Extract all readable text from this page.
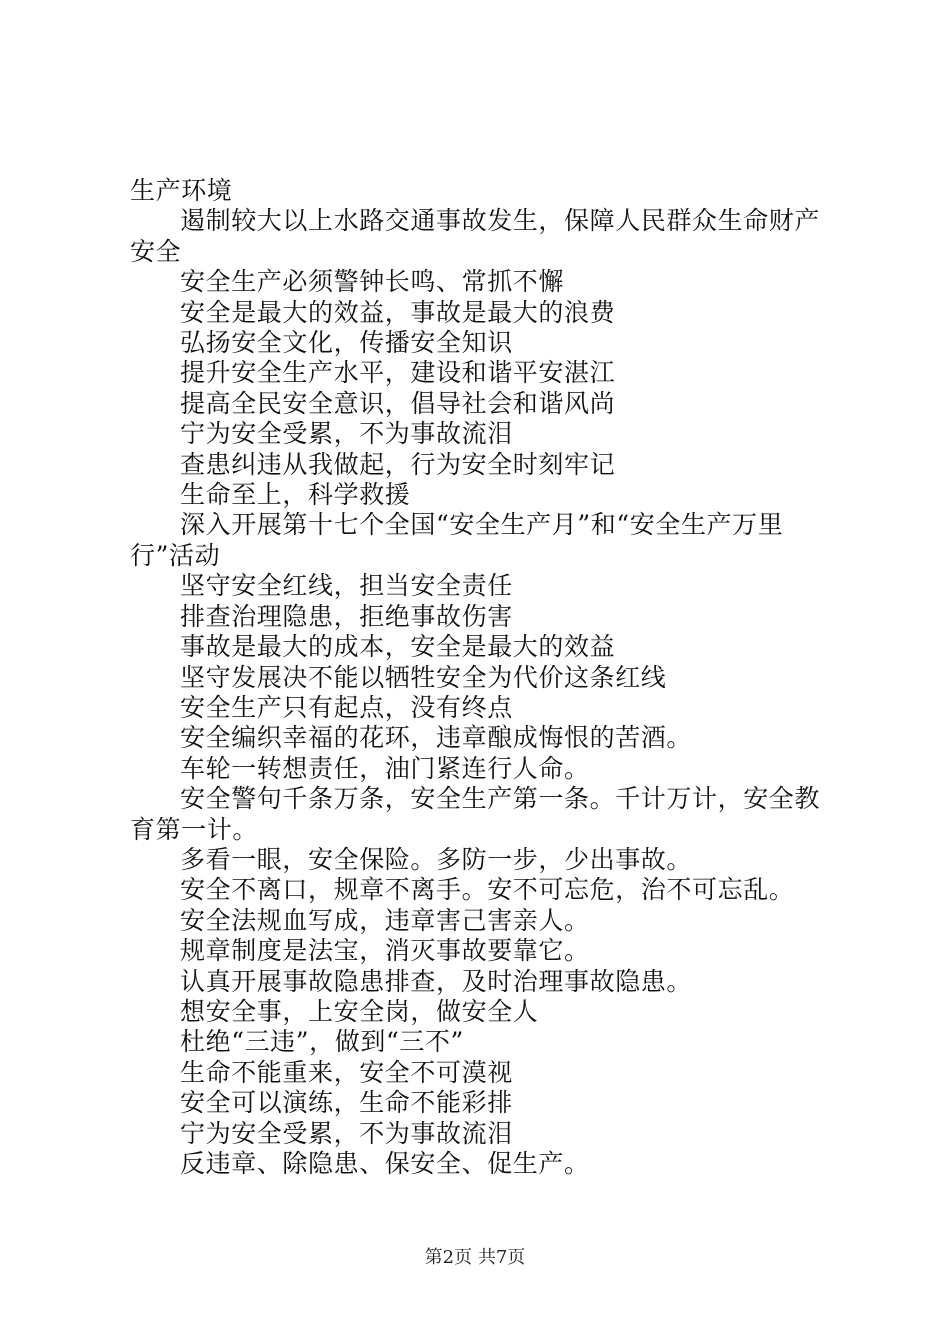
生产环境

遏制较大以上水路交通事故发生，保障人民群众生命财产安全

安全生产必须警钟长鸣、常抓不懈

安全是最大的效益，事故是最大的浪费

弘扬安全文化，传播安全知识

提升安全生产水平，建设和谐平安湛江

提高全民安全意识，倡导社会和谐风尚

宁为安全受累，不为事故流泪

查患纠违从我做起，行为安全时刻牢记

生命至上，科学救援

深入开展第十七个全国“安全生产月”和“安全生产万里行”活动

坚守安全红线，担当安全责任

排查治理隐患，拒绝事故伤害

事故是最大的成本，安全是最大的效益

坚守发展决不能以牺牲安全为代价这条红线

安全生产只有起点，没有终点

安全编织幸福的花环，违章酿成悔恨的苦酒。

车轮一转想责任，油门紧连行人命。

安全警句千条万条，安全生产第一条。千计万计，安全教育第一计。

多看一眼，安全保险。多防一步，少出事故。

安全不离口，规章不离手。安不可忘危，治不可忘乱。

安全法规血写成，违章害己害亲人。

规章制度是法宝，消灭事故要靠它。

认真开展事故隐患排查，及时治理事故隐患。

想安全事，上安全岗，做安全人

杜绝“三违”，做到“三不”

生命不能重来，安全不可漠视

安全可以演练，生命不能彩排

宁为安全受累，不为事故流泪

反违章、除隐患、保安全、促生产。

第2页 共7页
